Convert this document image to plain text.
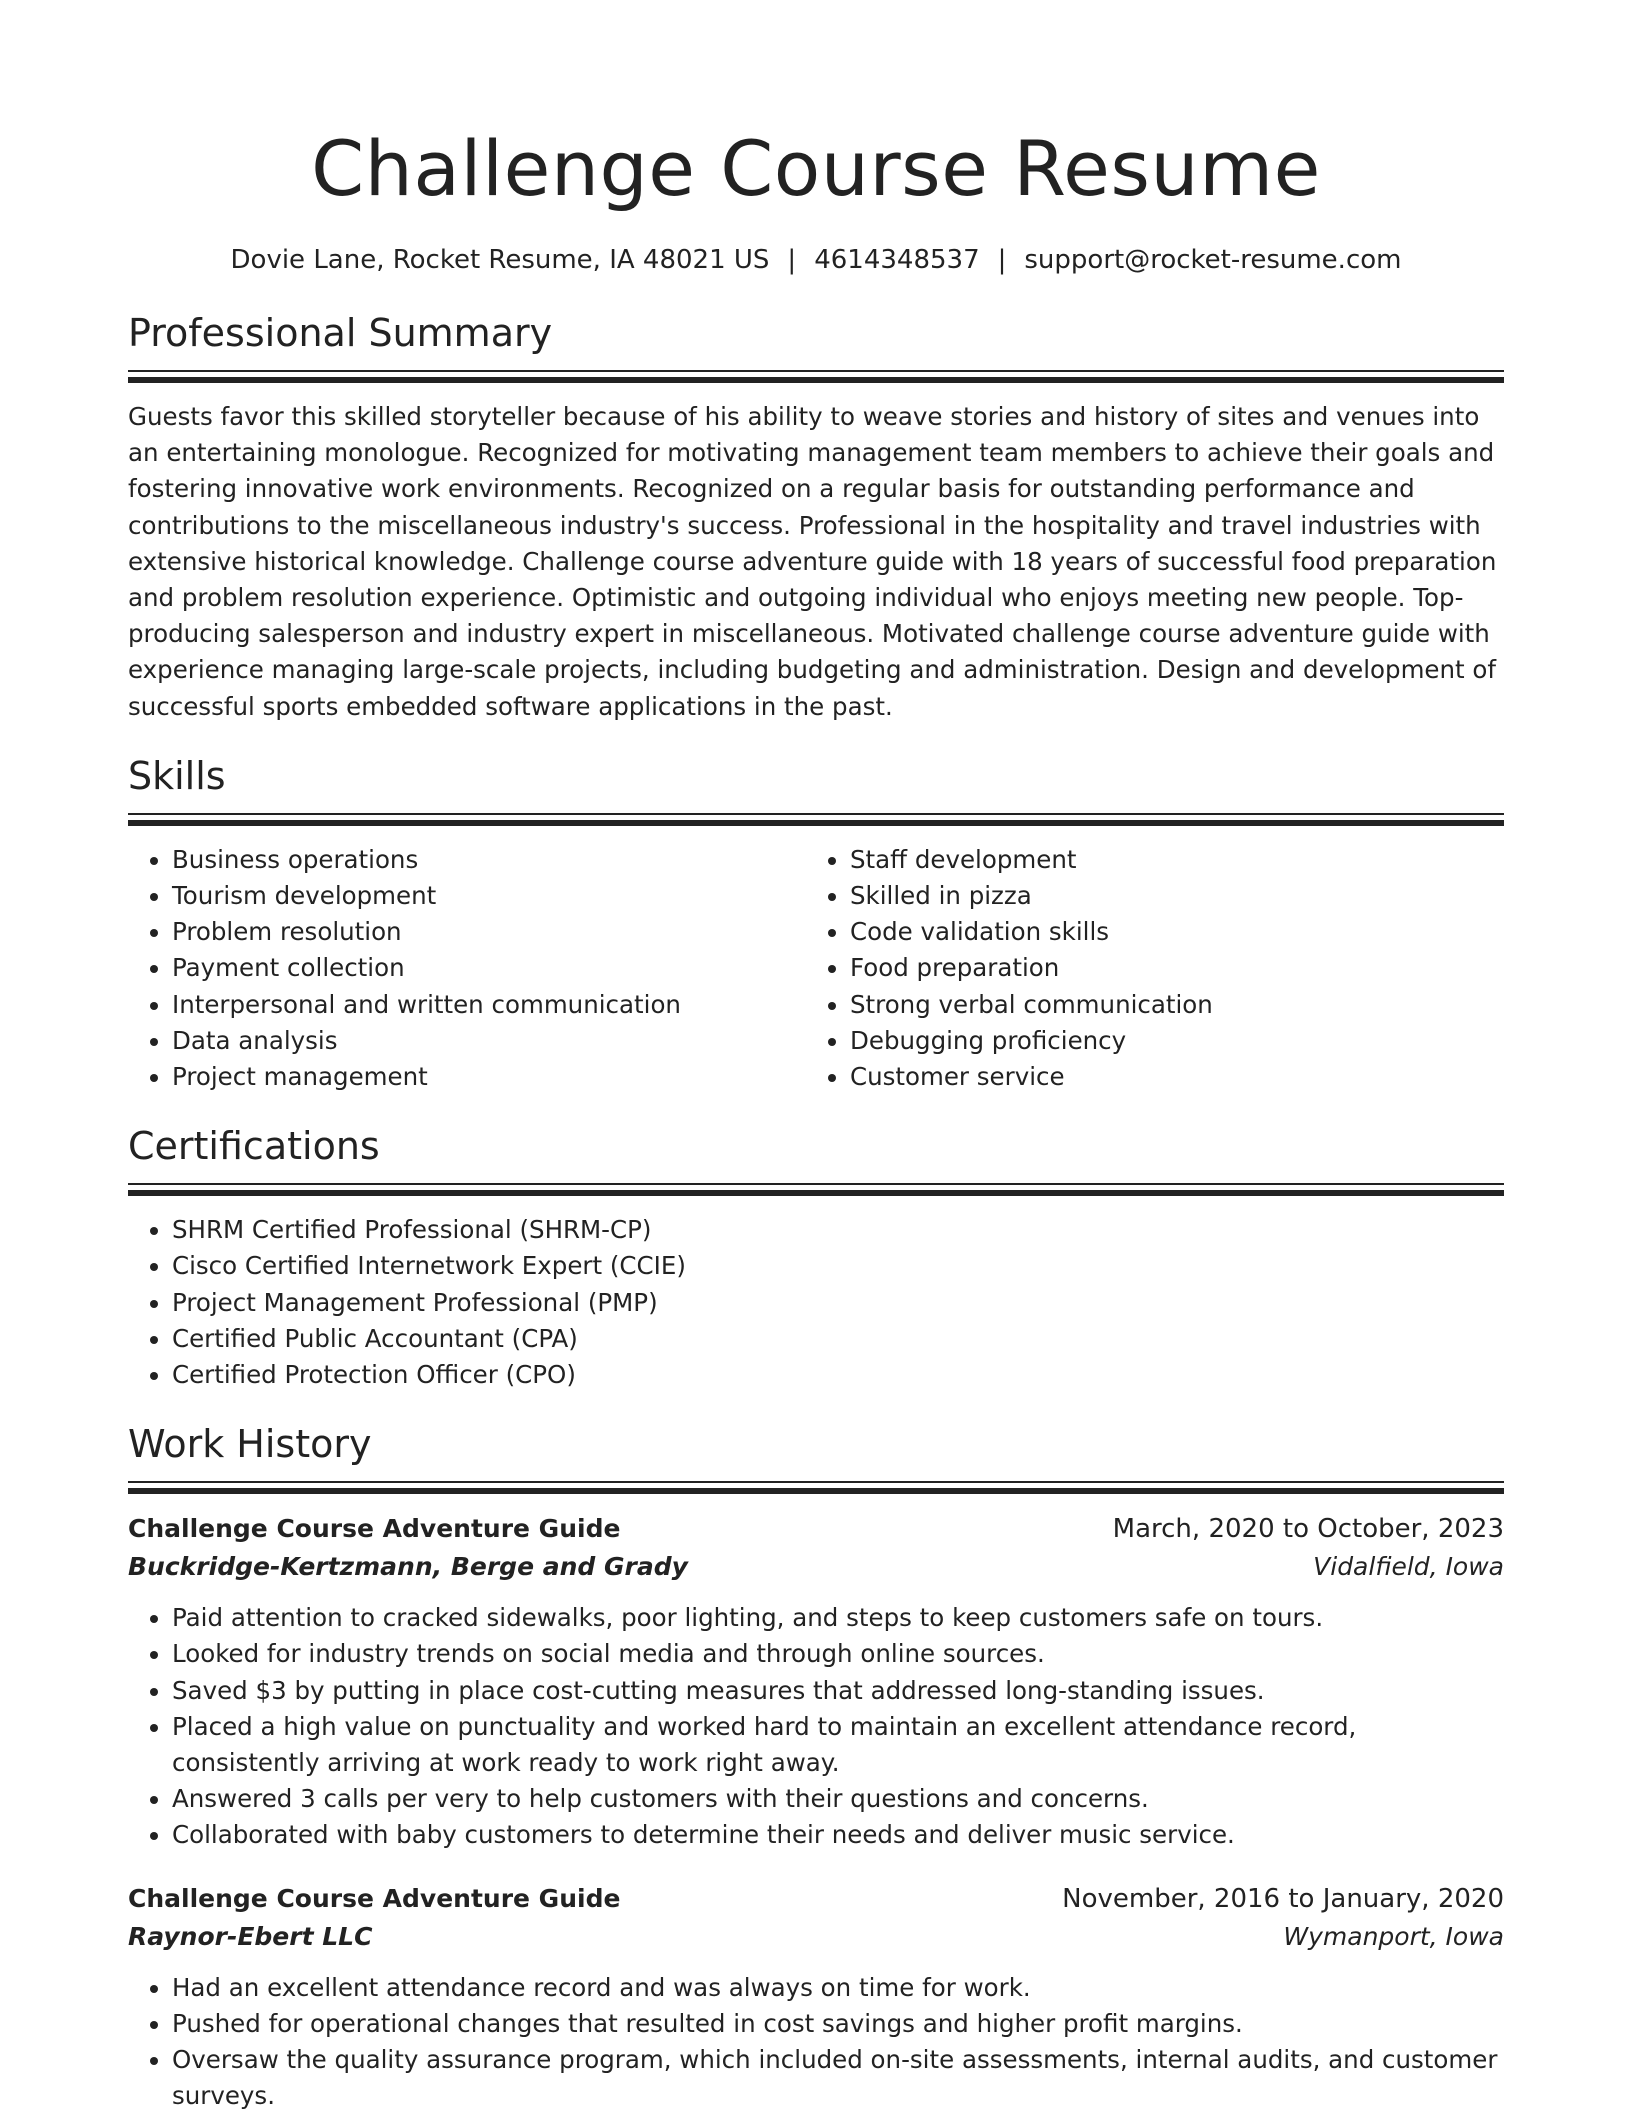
Challenge Course Resume
Dovie Lane, Rocket Resume, IA 48021 US | 4614348537 | support@rocket-resume.com
Professional Summary

Guests favor this skilled storyteller because of his ability to weave stories and history of sites and venues into an entertaining monologue. Recognized for motivating management team members to achieve their goals and fostering innovative work environments. Recognized on a regular basis for outstanding performance and contributions to the miscellaneous industry's success. Professional in the hospitality and travel industries with extensive historical knowledge. Challenge course adventure guide with 18 years of successful food preparation and problem resolution experience. Optimistic and outgoing individual who enjoys meeting new people. Top-producing salesperson and industry expert in miscellaneous. Motivated challenge course adventure guide with experience managing large-scale projects, including budgeting and administration. Design and development of successful sports embedded software applications in the past.

Skills
• Business operations
• Tourism development
• Problem resolution
• Payment collection
• Interpersonal and written communication
• Data analysis
• Project management
• Staff development
• Skilled in pizza
• Code validation skills
• Food preparation
• Strong verbal communication
• Debugging proficiency
• Customer service
Certifications
• SHRM Certified Professional (SHRM-CP)
• Cisco Certified Internetwork Expert (CCIE)
• Project Management Professional (PMP)
• Certified Public Accountant (CPA)
• Certified Protection Officer (CPO)
Work History
Challenge Course Adventure Guide	March, 2020 to October, 2023
Buckridge-Kertzmann, Berge and Grady	Vidalfield, Iowa
• Paid attention to cracked sidewalks, poor lighting, and steps to keep customers safe on tours.
• Looked for industry trends on social media and through online sources.
• Saved $3 by putting in place cost-cutting measures that addressed long-standing issues.
• Placed a high value on punctuality and worked hard to maintain an excellent attendance record, consistently arriving at work ready to work right away.
• Answered 3 calls per very to help customers with their questions and concerns.
• Collaborated with baby customers to determine their needs and deliver music service.
Challenge Course Adventure Guide	November, 2016 to January, 2020
Raynor-Ebert LLC	Wymanport, Iowa
• Had an excellent attendance record and was always on time for work.
• Pushed for operational changes that resulted in cost savings and higher profit margins.
• Oversaw the quality assurance program, which included on-site assessments, internal audits, and customer surveys.
